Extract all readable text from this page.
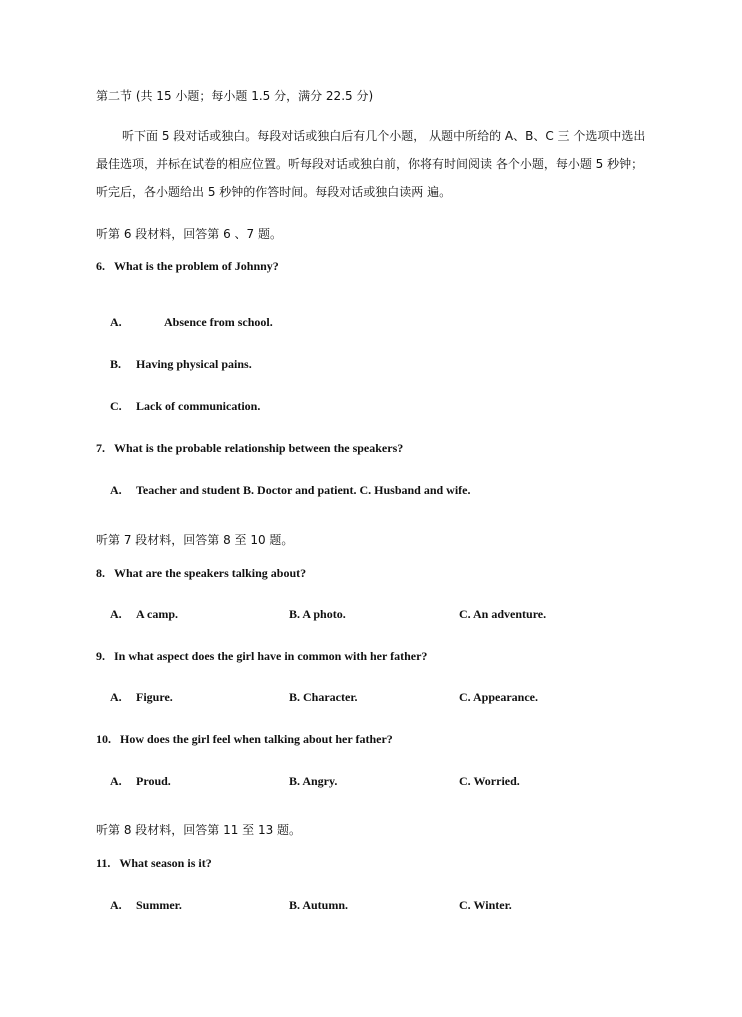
第二节 (共 15 小题；每小题 1.5 分，满分 22.5 分)
听下面 5 段对话或独白。每段对话或独白后有几个小题， 从题中所给的 A、B、C 三 个选项中选出最佳选项，并标在试卷的相应位置。听每段对话或独白前，你将有时间阅读 各个小题，每小题 5 秒钟；听完后，各小题给出 5 秒钟的作答时间。每段对话或独白读两 遍。
听第 6 段材料，回答第 6 、7 题。
6. What is the problem of Johnny?
A.	Absence from school.
B. Having physical pains.
C. Lack of communication.
7. What is the probable relationship between the speakers?
A. Teacher and student B. Doctor and patient. C. Husband and wife.
听第 7 段材料，回答第 8 至 10 题。
8. What are the speakers talking about?
A. A camp.	B. A photo.	C. An adventure.
9. In what aspect does the girl have in common with her father?
A. Figure.	B. Character.	C. Appearance.
10. How does the girl feel when talking about her father?
A. Proud.	B. Angry.	C. Worried.
听第 8 段材料，回答第 11 至 13 题。
11. What season is it?
A. Summer.	B. Autumn.	C. Winter.
